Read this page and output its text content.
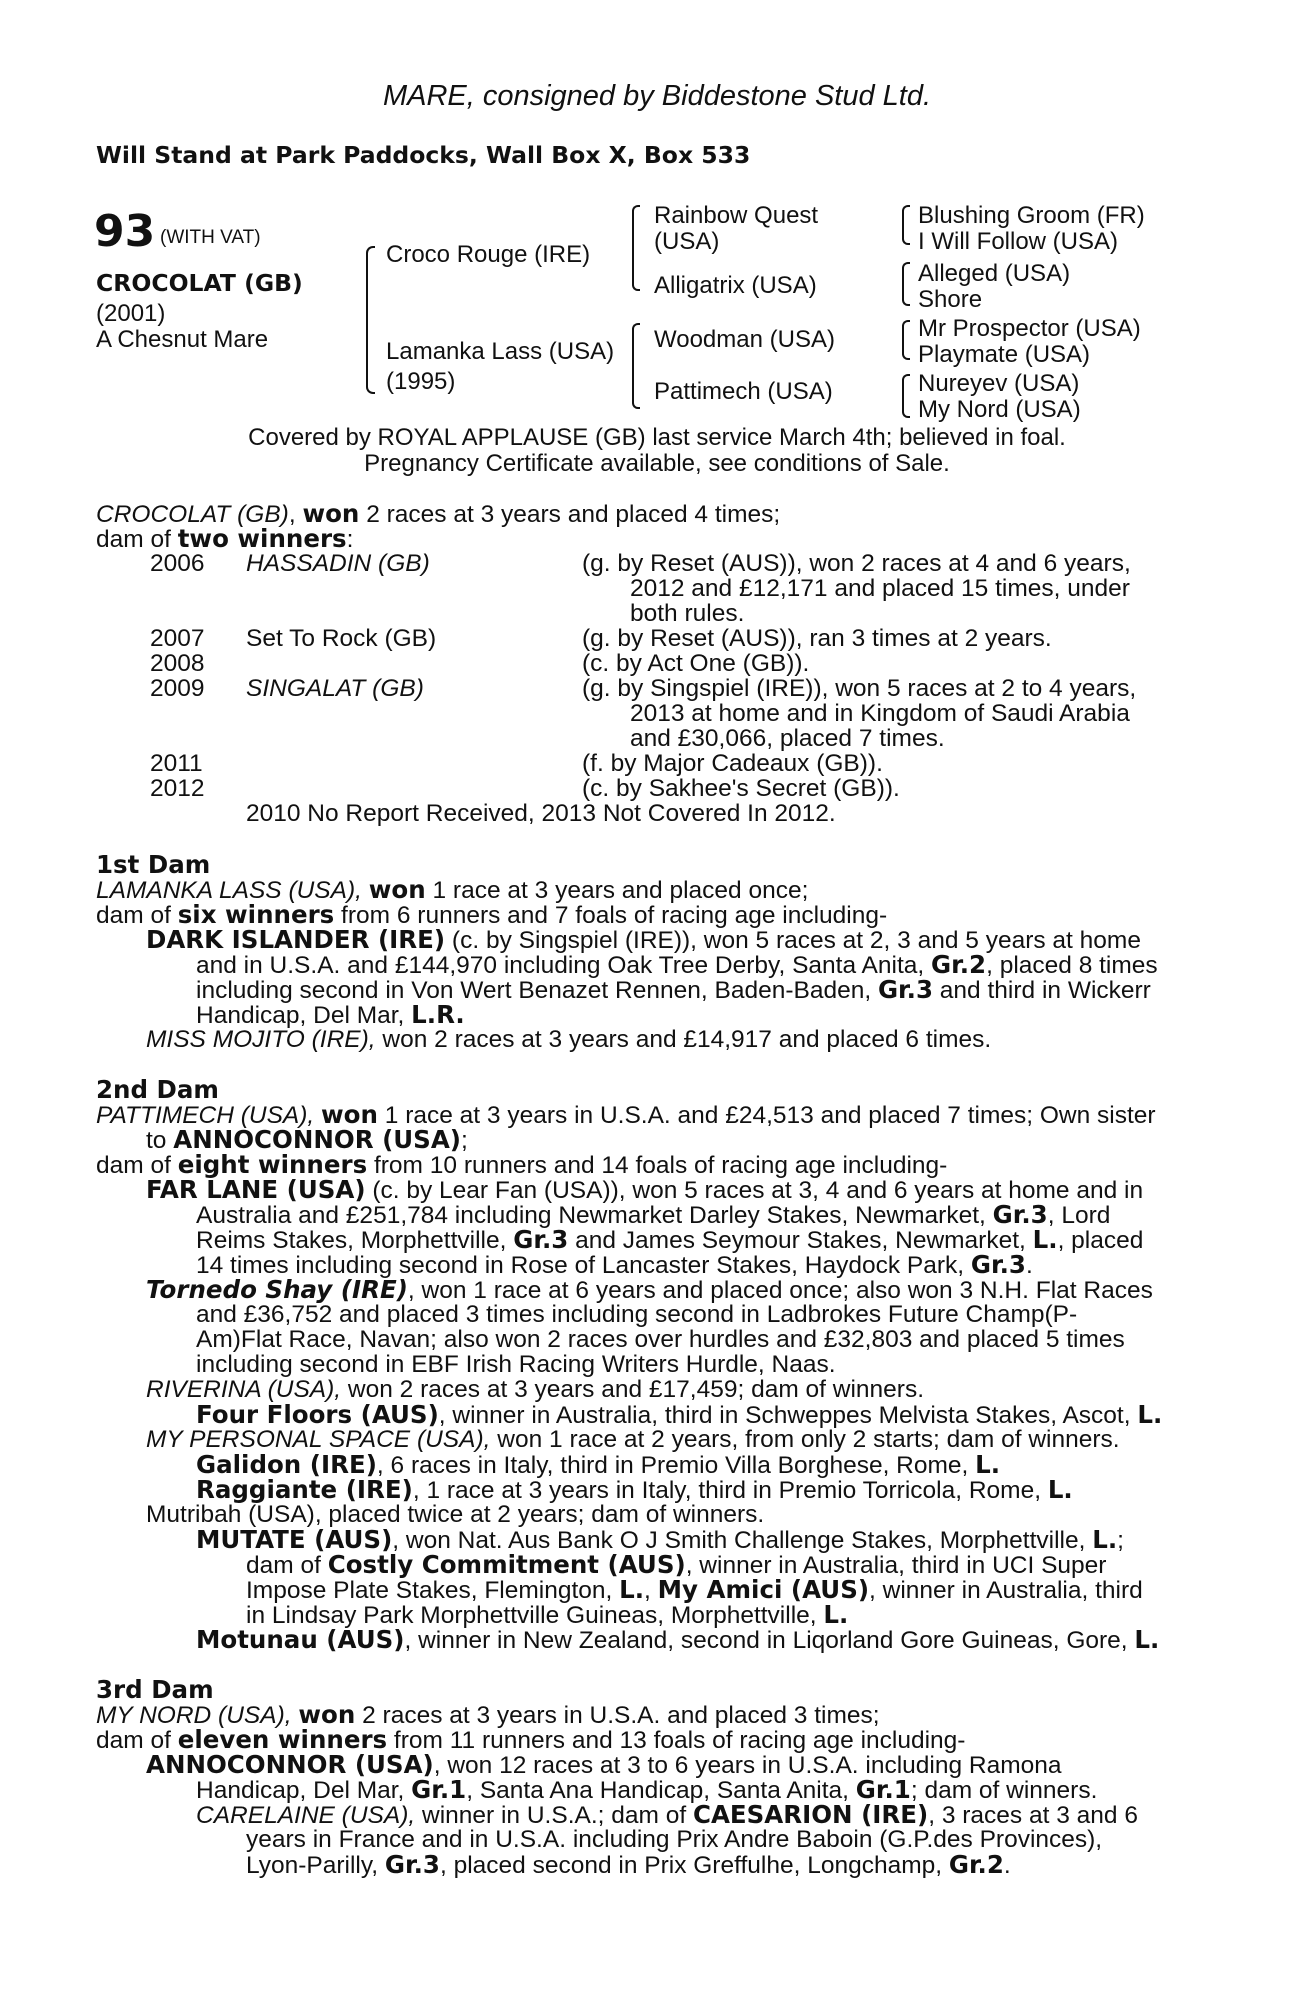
MARE, consigned by Biddestone Stud Ltd.
Will Stand at Park Paddocks, Wall Box X, Box 533
93 (WITH VAT)
CROCOLAT (GB)
(2001)
A Chesnut Mare
Croco Rouge (IRE)
Lamanka Lass (USA)
(1995)
Rainbow Quest
(USA)
Alligatrix (USA)
Woodman (USA)
Pattimech (USA)
Blushing Groom (FR)
I Will Follow (USA)
Alleged (USA)
Shore
Mr Prospector (USA)
Playmate (USA)
Nureyev (USA)
My Nord (USA)
Covered by ROYAL APPLAUSE (GB) last service March 4th; believed in foal.
Pregnancy Certificate available, see conditions of Sale.
CROCOLAT (GB), won 2 races at 3 years and placed 4 times;
dam of two winners:
2006 HASSADIN (GB)	(g. by Reset (AUS)), won 2 races at 4 and 6 years,
2012 and £12,171 and placed 15 times, under
both rules.
2007 Set To Rock (GB)	(g. by Reset (AUS)), ran 3 times at 2 years.
2008	(c. by Act One (GB)).
2009 SINGALAT (GB)	(g. by Singspiel (IRE)), won 5 races at 2 to 4 years,
2013 at home and in Kingdom of Saudi Arabia
and £30,066, placed 7 times.
2011	(f. by Major Cadeaux (GB)).
2012	(c. by Sakhee's Secret (GB)).
2010 No Report Received, 2013 Not Covered In 2012.
1st Dam
LAMANKA LASS (USA), won 1 race at 3 years and placed once;
dam of six winners from 6 runners and 7 foals of racing age including-
DARK ISLANDER (IRE) (c. by Singspiel (IRE)), won 5 races at 2, 3 and 5 years at home
and in U.S.A. and £144,970 including Oak Tree Derby, Santa Anita, Gr.2, placed 8 times
including second in Von Wert Benazet Rennen, Baden-Baden, Gr.3 and third in Wickerr
Handicap, Del Mar, L.R.
MISS MOJITO (IRE), won 2 races at 3 years and £14,917 and placed 6 times.
2nd Dam
PATTIMECH (USA), won 1 race at 3 years in U.S.A. and £24,513 and placed 7 times; Own sister
to ANNOCONNOR (USA);
dam of eight winners from 10 runners and 14 foals of racing age including-
FAR LANE (USA) (c. by Lear Fan (USA)), won 5 races at 3, 4 and 6 years at home and in
Australia and £251,784 including Newmarket Darley Stakes, Newmarket, Gr.3, Lord
Reims Stakes, Morphettville, Gr.3 and James Seymour Stakes, Newmarket, L., placed
14 times including second in Rose of Lancaster Stakes, Haydock Park, Gr.3.
Tornedo Shay (IRE), won 1 race at 6 years and placed once; also won 3 N.H. Flat Races
and £36,752 and placed 3 times including second in Ladbrokes Future Champ(P-
Am)Flat Race, Navan; also won 2 races over hurdles and £32,803 and placed 5 times
including second in EBF Irish Racing Writers Hurdle, Naas.
RIVERINA (USA), won 2 races at 3 years and £17,459; dam of winners.
Four Floors (AUS), winner in Australia, third in Schweppes Melvista Stakes, Ascot, L.
MY PERSONAL SPACE (USA), won 1 race at 2 years, from only 2 starts; dam of winners.
Galidon (IRE), 6 races in Italy, third in Premio Villa Borghese, Rome, L.
Raggiante (IRE), 1 race at 3 years in Italy, third in Premio Torricola, Rome, L.
Mutribah (USA), placed twice at 2 years; dam of winners.
MUTATE (AUS), won Nat. Aus Bank O J Smith Challenge Stakes, Morphettville, L.;
dam of Costly Commitment (AUS), winner in Australia, third in UCI Super
Impose Plate Stakes, Flemington, L., My Amici (AUS), winner in Australia, third
in Lindsay Park Morphettville Guineas, Morphettville, L.
Motunau (AUS), winner in New Zealand, second in Liqorland Gore Guineas, Gore, L.
3rd Dam
MY NORD (USA), won 2 races at 3 years in U.S.A. and placed 3 times;
dam of eleven winners from 11 runners and 13 foals of racing age including-
ANNOCONNOR (USA), won 12 races at 3 to 6 years in U.S.A. including Ramona
Handicap, Del Mar, Gr.1, Santa Ana Handicap, Santa Anita, Gr.1; dam of winners.
CARELAINE (USA), winner in U.S.A.; dam of CAESARION (IRE), 3 races at 3 and 6
years in France and in U.S.A. including Prix Andre Baboin (G.P.des Provinces),
Lyon-Parilly, Gr.3, placed second in Prix Greffulhe, Longchamp, Gr.2.
